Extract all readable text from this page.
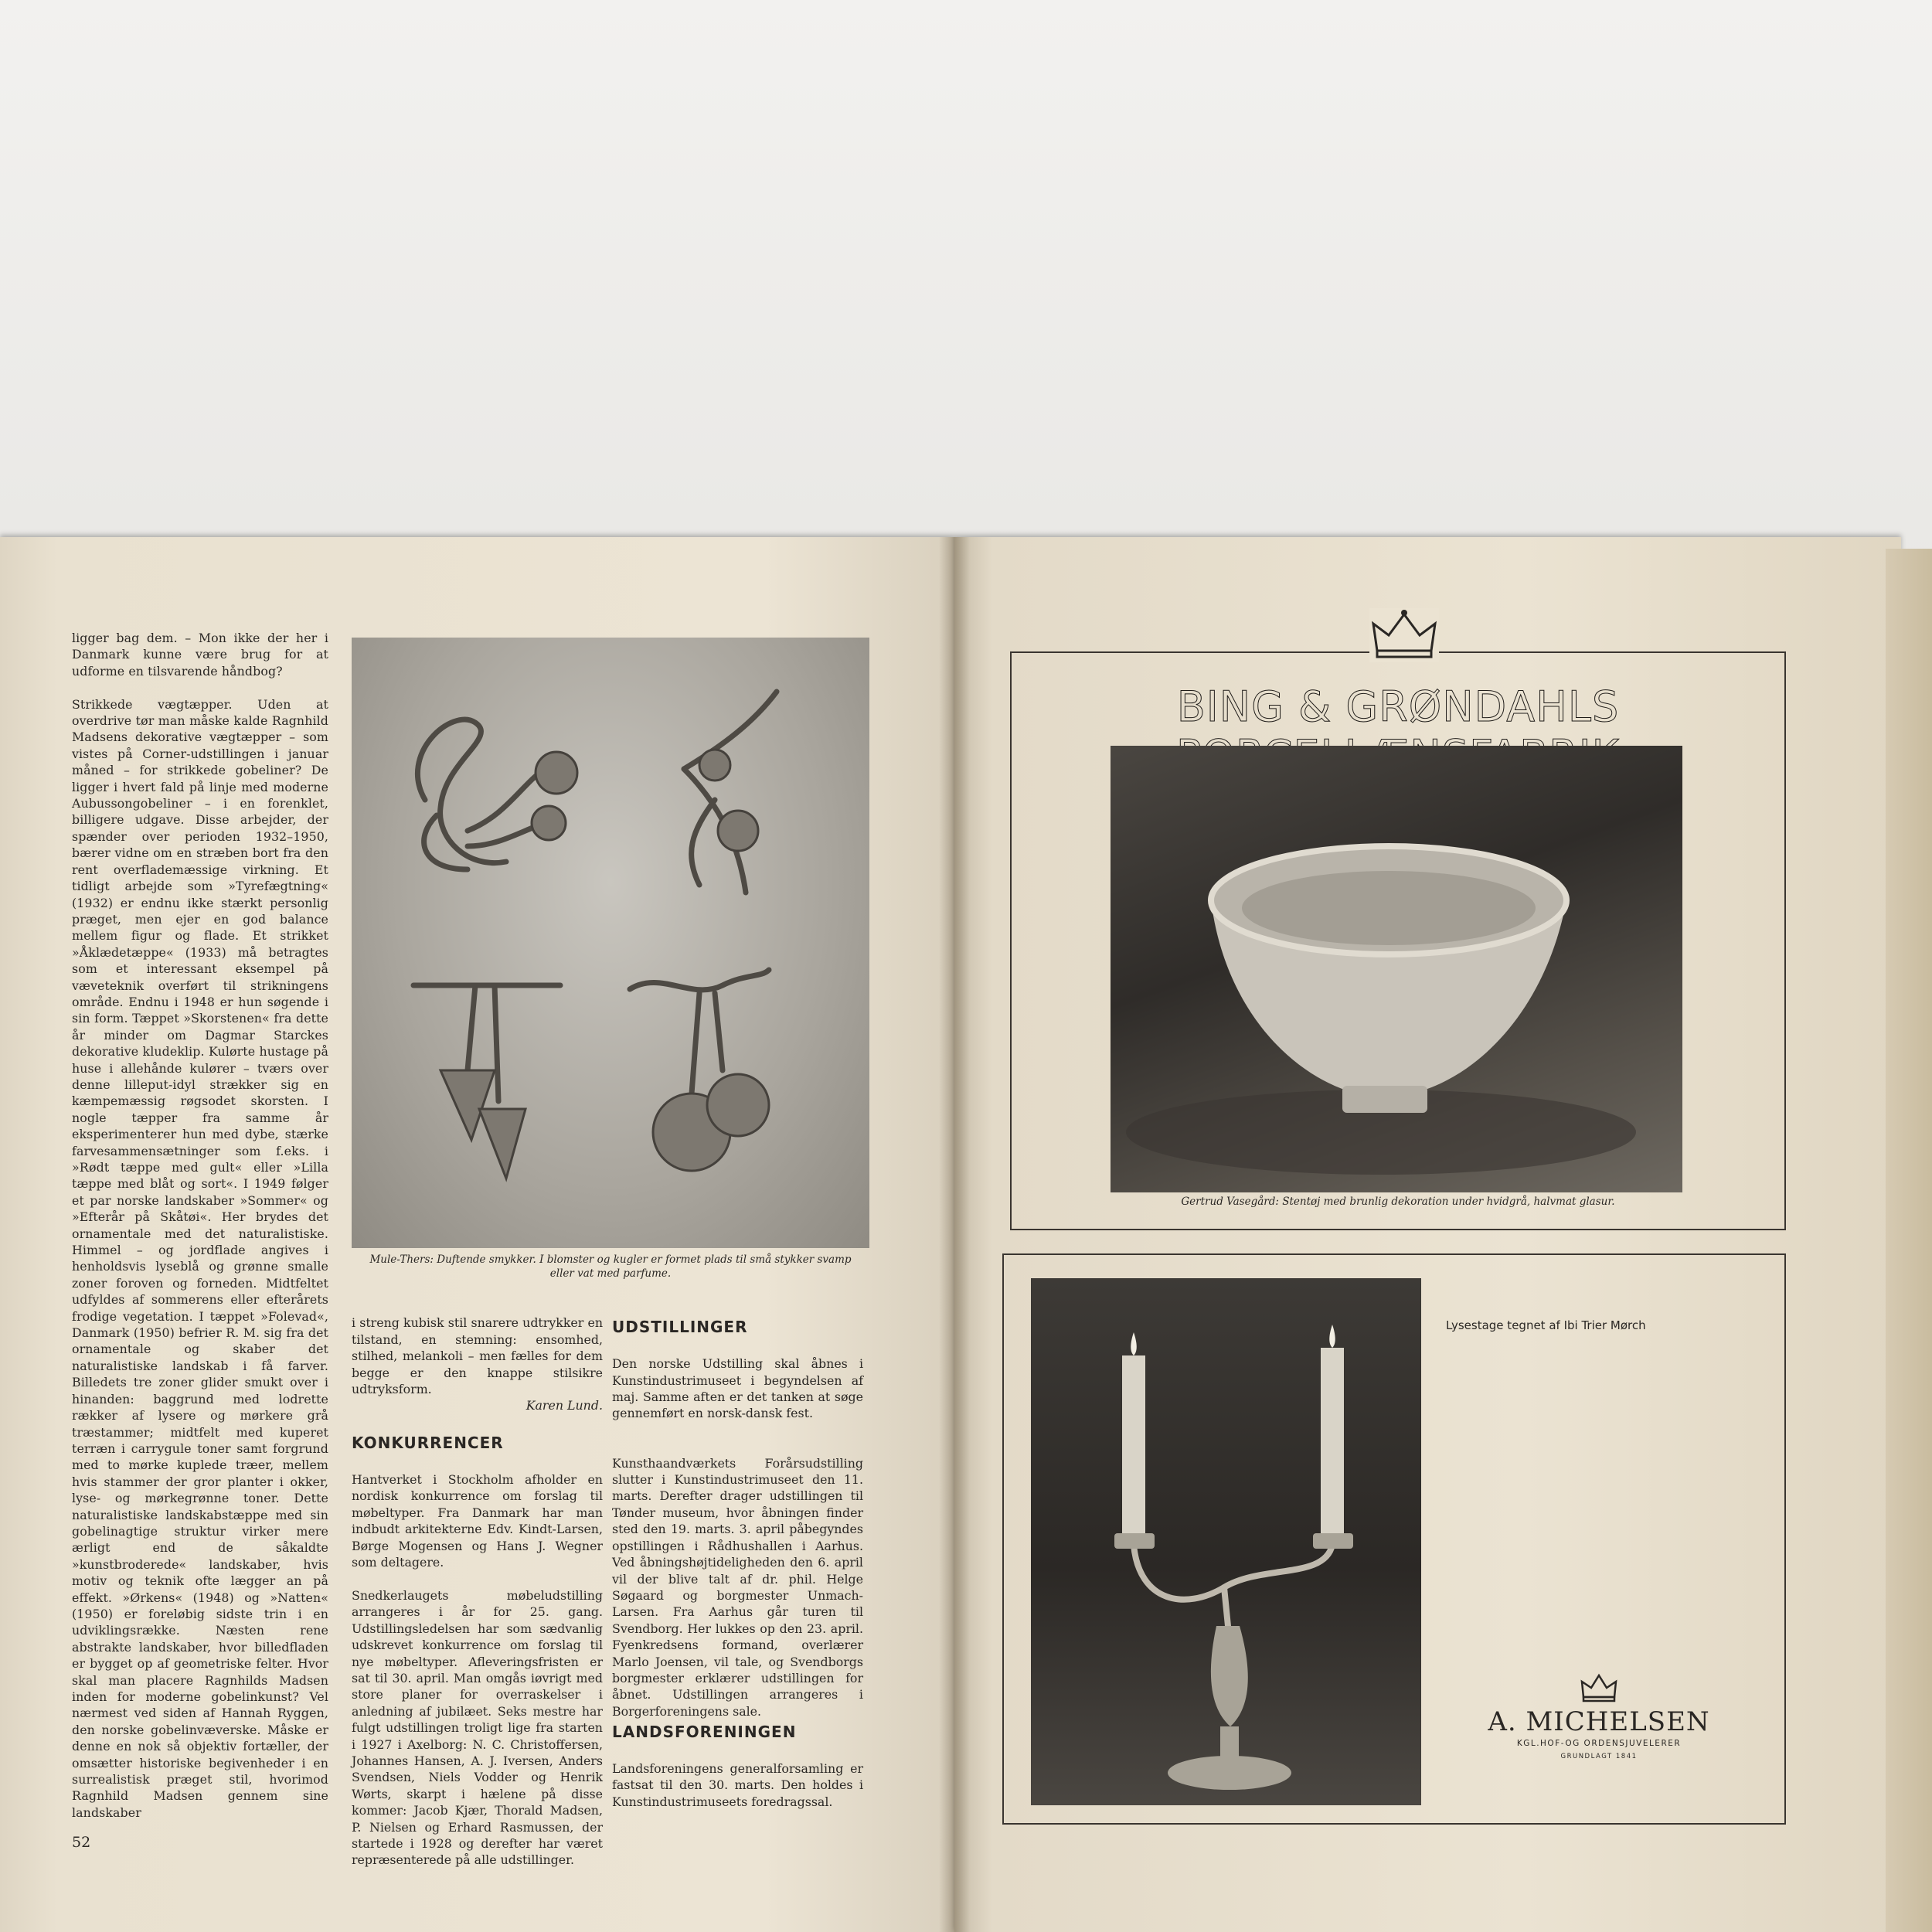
ligger bag dem. – Mon ikke der her i Danmark kunne være brug for at udforme en tilsvarende håndbog?

Strikkede vægtæpper. Uden at overdrive tør man måske kalde Ragnhild Madsens dekorative vægtæpper – som vistes på Corner-udstillingen i januar måned – for strikkede gobeliner? De ligger i hvert fald på linje med moderne Aubussongobeliner – i en forenklet, billigere udgave. Disse arbejder, der spænder over perioden 1932–1950, bærer vidne om en stræben bort fra den rent overflademæssige virkning. Et tidligt arbejde som »Tyrefægtning« (1932) er endnu ikke stærkt personlig præget, men ejer en god balance mellem figur og flade. Et strikket »Åklædetæppe« (1933) må betragtes som et interessant eksempel på væveteknik overført til strikningens område. Endnu i 1948 er hun søgende i sin form. Tæppet »Skorstenen« fra dette år minder om Dagmar Starckes dekorative kludeklip. Kulørte hustage på huse i allehånde kulører – tværs over denne lilleput-idyl strækker sig en kæmpemæssig røgsodet skorsten. I nogle tæpper fra samme år eksperimenterer hun med dybe, stærke farvesammensætninger som f.eks. i »Rødt tæppe med gult« eller »Lilla tæppe med blåt og sort«. I 1949 følger et par norske landskaber »Sommer« og »Efterår på Skåtøi«. Her brydes det ornamentale med det naturalistiske. Himmel – og jordflade angives i henholdsvis lyseblå og grønne smalle zoner foroven og forneden. Midtfeltet udfyldes af sommerens eller efterårets frodige vegetation. I tæppet »Folevad«, Danmark (1950) befrier R. M. sig fra det ornamentale og skaber det naturalistiske landskab i få farver. Billedets tre zoner glider smukt over i hinanden: baggrund med lodrette rækker af lysere og mørkere grå træstammer; midtfelt med kuperet terræn i carrygule toner samt forgrund med to mørke kuplede træer, mellem hvis stammer der gror planter i okker, lyse- og mørkegrønne toner. Dette naturalistiske landskabstæppe med sin gobelinagtige struktur virker mere ærligt end de såkaldte »kunstbroderede« landskaber, hvis motiv og teknik ofte lægger an på effekt. »Ørkens« (1948) og »Natten« (1950) er foreløbig sidste trin i en udviklingsrække. Næsten rene abstrakte landskaber, hvor billedfladen er bygget op af geometriske felter. Hvor skal man placere Ragnhilds Madsen inden for moderne gobelinkunst? Vel nærmest ved siden af Hannah Ryggen, den norske gobelinvæverske. Måske er denne en nok så objektiv fortæller, der omsætter historiske begivenheder i en surrealistisk præget stil, hvorimod Ragnhild Madsen gennem sine landskaber
Mule-Thers: Duftende smykker. I blomster og kugler er formet plads til små stykker svamp eller vat med parfume.

i streng kubisk stil snarere udtrykker en tilstand, en stemning: ensomhed, stilhed, melankoli – men fælles for dem begge er den knappe stilsikre udtryksform.

Karen Lund.

KONKURRENCER

Hantverket i Stockholm afholder en nordisk konkurrence om forslag til møbeltyper. Fra Danmark har man indbudt arkitekterne Edv. Kindt-Larsen, Børge Mogensen og Hans J. Wegner som deltagere.

Snedkerlaugets møbeludstilling arrangeres i år for 25. gang. Udstillingsledelsen har som sædvanlig udskrevet konkurrence om forslag til nye møbeltyper. Afleveringsfristen er sat til 30. april. Man omgås iøvrigt med store planer for overraskelser i anledning af jubilæet. Seks mestre har fulgt udstillingen troligt lige fra starten i 1927 i Axelborg: N. C. Christoffersen, Johannes Hansen, A. J. Iversen, Anders Svendsen, Niels Vodder og Henrik Wørts, skarpt i hælene på disse kommer: Jacob Kjær, Thorald Madsen, P. Nielsen og Erhard Rasmussen, der startede i 1928 og derefter har været repræsenterede på alle udstillinger.

UDSTILLINGER

Den norske Udstilling skal åbnes i Kunstindustrimuseet i begyndelsen af maj. Samme aften er det tanken at søge gennemført en norsk-dansk fest.

Kunsthaandværkets Forårsudstilling slutter i Kunstindustrimuseet den 11. marts. Derefter drager udstillingen til Tønder museum, hvor åbningen finder sted den 19. marts. 3. april påbegyndes opstillingen i Rådhushallen i Aarhus. Ved åbningshøjtideligheden den 6. april vil der blive talt af dr. phil. Helge Søgaard og borgmester Unmach-Larsen. Fra Aarhus går turen til Svendborg. Her lukkes op den 23. april. Fyenkredsens formand, overlærer Marlo Joensen, vil tale, og Svendborgs borgmester erklærer udstillingen for åbnet. Udstillingen arrangeres i Borgerforeningens sale.

LANDSFORENINGEN

Landsforeningens generalforsamling er fastsat til den 30. marts. Den holdes i Kunstindustrimuseets foredragssal.

52
BING & GRØNDAHLS
Gertrud Vasegård: Stentøj med brunlig dekoration under hvidgrå, halvmat glasur.
Lysestage tegnet af Ibi Trier Mørch
A. MICHELSEN
KGL.HOF-OG ORDENSJUVELERER
GRUNDLAGT 1841
